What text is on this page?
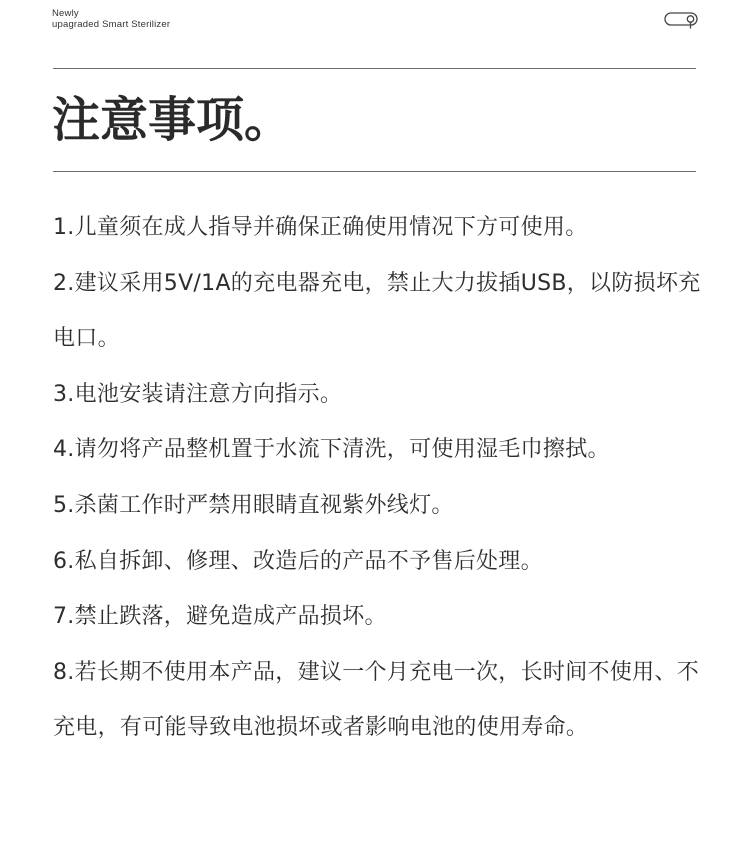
Newly
upagraded Smart Sterilizer
注意事项。
1.儿童须在成人指导并确保正确使用情况下方可使用。
2.建议采用5V/1A的充电器充电，禁止大力拔插USB，以防损坏充电口。
3.电池安装请注意方向指示。
4.请勿将产品整机置于水流下清洗，可使用湿毛巾擦拭。
5.杀菌工作时严禁用眼睛直视紫外线灯。
6.私自拆卸、修理、改造后的产品不予售后处理。
7.禁止跌落，避免造成产品损坏。
8.若长期不使用本产品，建议一个月充电一次，长时间不使用、不充电，有可能导致电池损坏或者影响电池的使用寿命。
